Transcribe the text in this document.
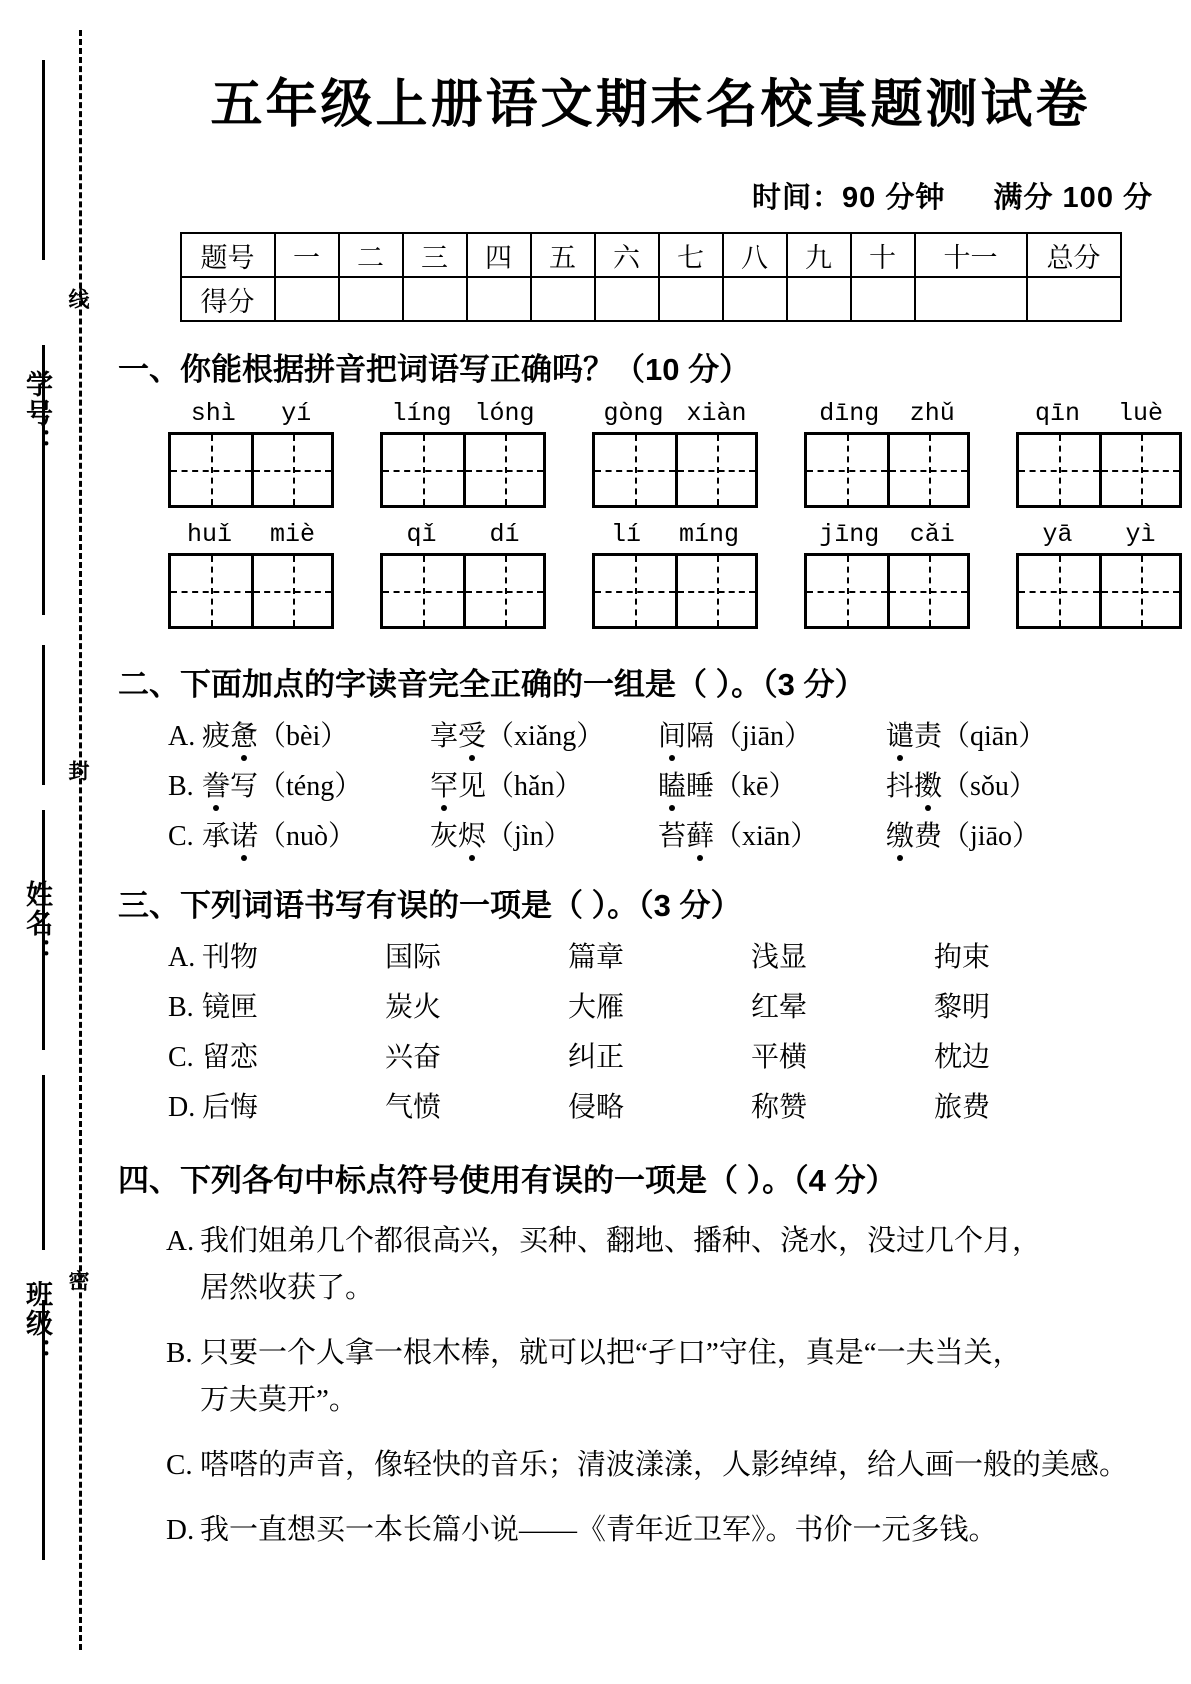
学号：
姓名：
班级：
线
封
密
五年级上册语文期末名校真题测试卷
时间：90 分钟 满分 100 分
题号	一	二	三	四	五	六	七	八	九	十	十一	总分
得分												
一、你能根据拼音把词语写正确吗？（10 分）
shì yí	líng lóng	gòng xiàn	dīng zhǔ	qīn luè
huǐ miè	qǐ dí	lí míng	jīng cǎi	yā yì
二、下面加点的字读音完全正确的一组是（ ）。（3 分）
A. 疲惫（bèi）	享受（xiǎng）	间隔（jiān）	谴责（qiān）
B. 誊写（téng）	罕见（hǎn）	瞌睡（kē）	抖擞（sǒu）
C. 承诺（nuò）	灰烬（jìn）	苔藓（xiān）	缴费（jiāo）
三、下列词语书写有误的一项是（ ）。（3 分）
A. 刊物	国际	篇章	浅显	拘束
B. 镜匣	炭火	大雁	红晕	黎明
C. 留恋	兴奋	纠正	平横	枕边
D. 后悔	气愤	侵略	称赞	旅费
四、下列各句中标点符号使用有误的一项是（ ）。（4 分）
A. 我们姐弟几个都很高兴，买种、翻地、播种、浇水，没过几个月，
居然收获了。
B. 只要一个人拿一根木棒，就可以把“孑口”守住，真是“一夫当关，
万夫莫开”。
C. 嗒嗒的声音，像轻快的音乐；清波漾漾，人影绰绰，给人画一般的美感。
D. 我一直想买一本长篇小说——《青年近卫军》。书价一元多钱。
